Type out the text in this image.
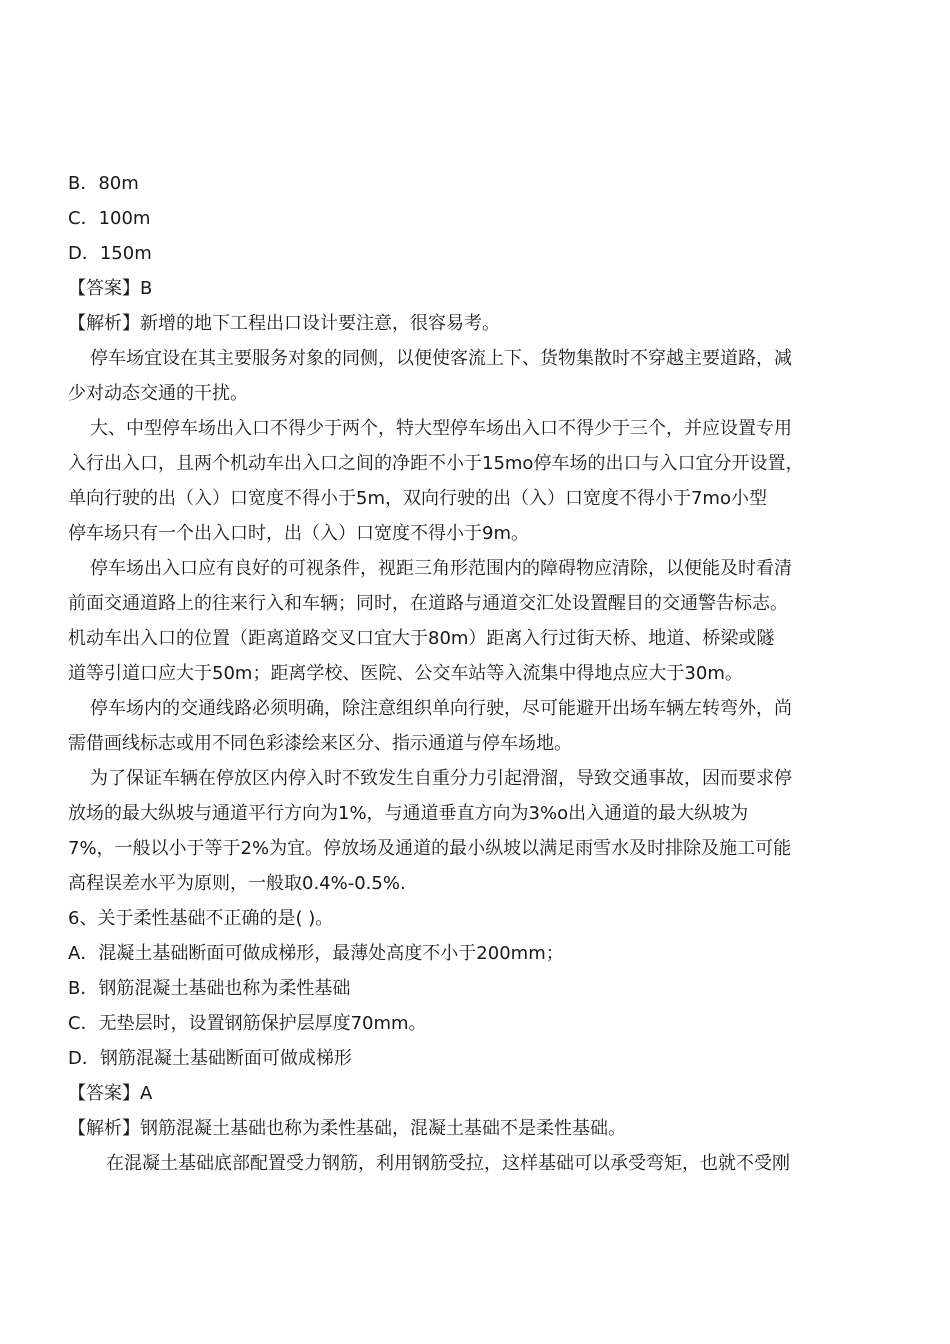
B．80m
C．100m
D．150m
【答案】B
【解析】新增的地下工程出口设计要注意，很容易考。
停车场宜设在其主要服务对象的同侧，以便使客流上下、货物集散时不穿越主要道路，减
少对动态交通的干扰。
大、中型停车场出入口不得少于两个，特大型停车场出入口不得少于三个，并应设置专用
入行出入口，且两个机动车出入口之间的净距不小于15mo停车场的出口与入口宜分开设置，
单向行驶的出（入）口宽度不得小于5m，双向行驶的出（入）口宽度不得小于7mo小型
停车场只有一个出入口时，出（入）口宽度不得小于9m。
停车场出入口应有良好的可视条件，视距三角形范围内的障碍物应清除，以便能及时看清
前面交通道路上的往来行入和车辆；同时，在道路与通道交汇处设置醒目的交通警告标志。
机动车出入口的位置（距离道路交叉口宜大于80m）距离入行过街天桥、地道、桥梁或隧
道等引道口应大于50m；距离学校、医院、公交车站等入流集中得地点应大于30m。
停车场内的交通线路必须明确，除注意组织单向行驶，尽可能避开出场车辆左转弯外，尚
需借画线标志或用不同色彩漆绘来区分、指示通道与停车场地。
为了保证车辆在停放区内停入时不致发生自重分力引起滑溜，导致交通事故，因而要求停
放场的最大纵坡与通道平行方向为1%，与通道垂直方向为3%o出入通道的最大纵坡为
7%，一般以小于等于2%为宜。停放场及通道的最小纵坡以满足雨雪水及时排除及施工可能
高程误差水平为原则，一般取0.4%-0.5%.
6、关于柔性基础不正确的是( )。
A．混凝土基础断面可做成梯形，最薄处高度不小于200mm；
B．钢筋混凝土基础也称为柔性基础
C．无垫层时，设置钢筋保护层厚度70mm。
D．钢筋混凝土基础断面可做成梯形
【答案】A
【解析】钢筋混凝土基础也称为柔性基础，混凝土基础不是柔性基础。
在混凝土基础底部配置受力钢筋，利用钢筋受拉，这样基础可以承受弯矩，也就不受刚
